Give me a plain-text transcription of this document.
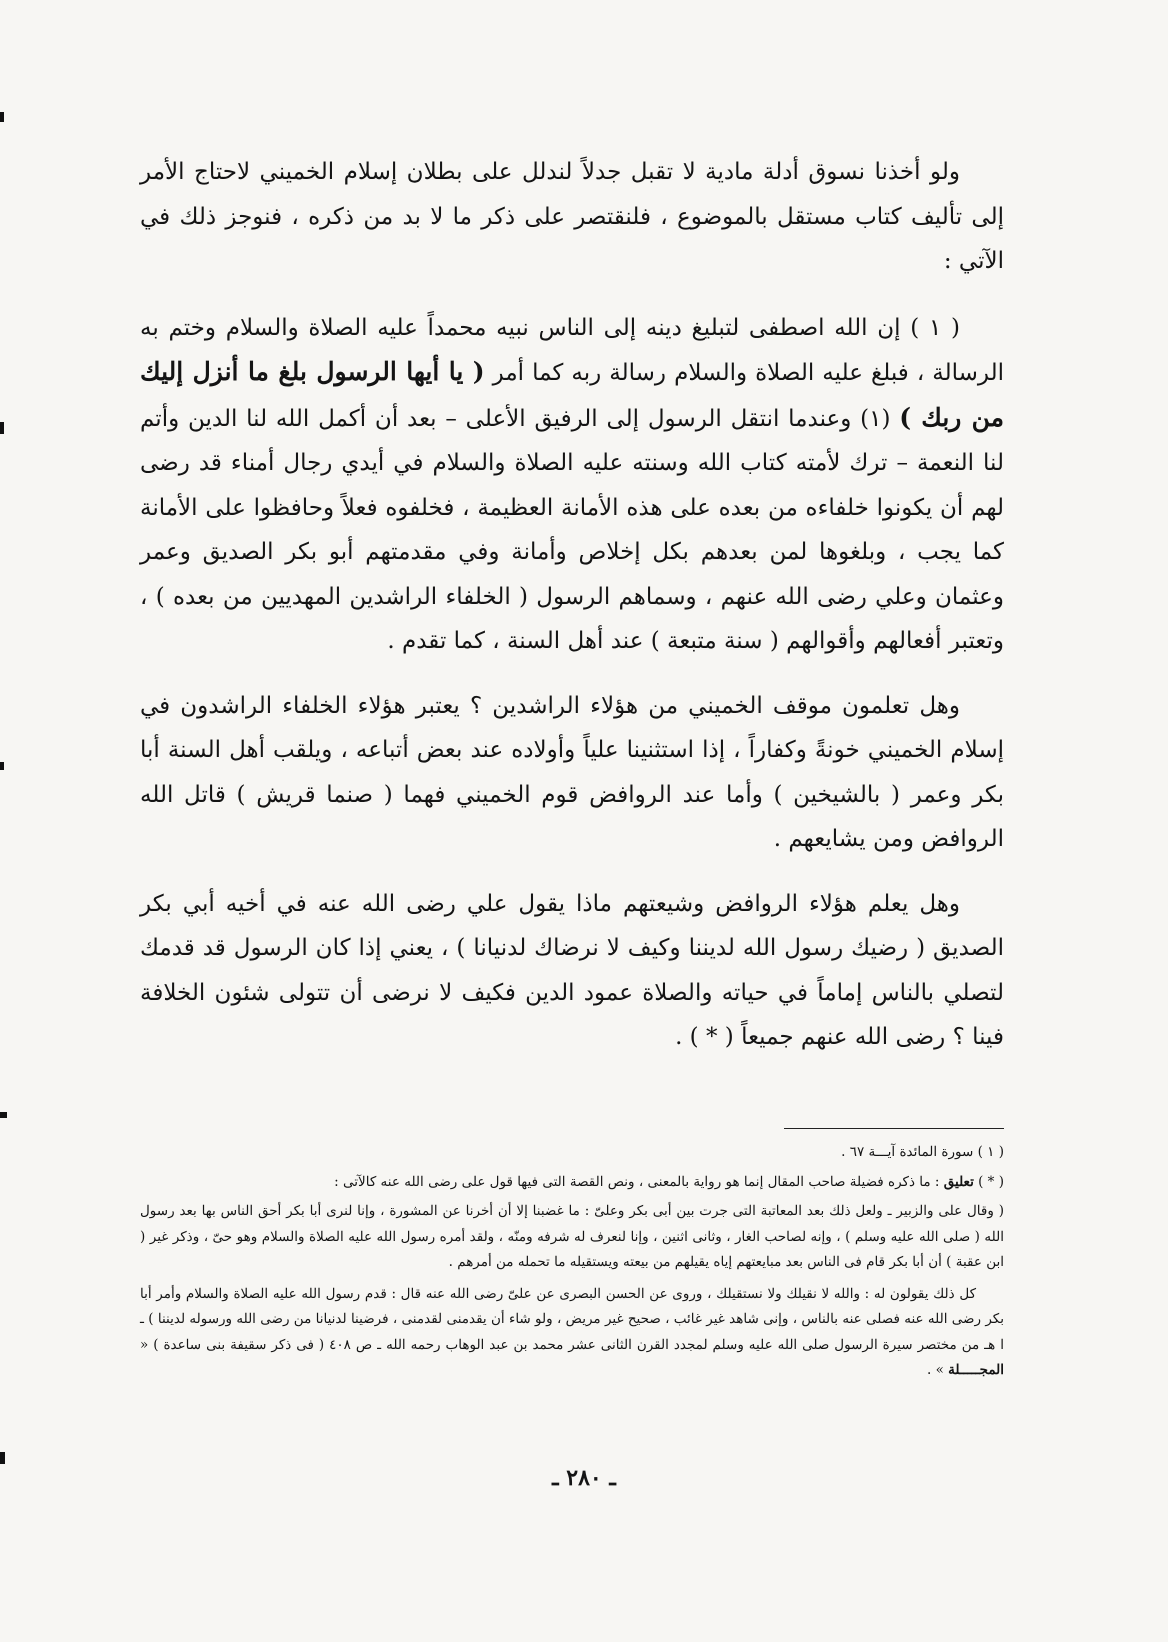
ولو أخذنا نسوق أدلة مادية لا تقبل جدلاً لندلل على بطلان إسلام الخميني لاحتاج الأمر إلى تأليف كتاب مستقل بالموضوع ، فلنقتصر على ذكر ما لا بد من ذكره ، فنوجز ذلك في الآتي :

( ١ ) إن الله اصطفى لتبليغ دينه إلى الناس نبيه محمداً عليه الصلاة والسلام وختم به الرسالة ، فبلغ عليه الصلاة والسلام رسالة ربه كما أمر ( يا أيها الرسول بلغ ما أنزل إليك من ربك ) (١) وعندما انتقل الرسول إلى الرفيق الأعلى – بعد أن أكمل الله لنا الدين وأتم لنا النعمة – ترك لأمته كتاب الله وسنته عليه الصلاة والسلام في أيدي رجال أمناء قد رضى لهم أن يكونوا خلفاءه من بعده على هذه الأمانة العظيمة ، فخلفوه فعلاً وحافظوا على الأمانة كما يجب ، وبلغوها لمن بعدهم بكل إخلاص وأمانة وفي مقدمتهم أبو بكر الصديق وعمر وعثمان وعلي رضى الله عنهم ، وسماهم الرسول ( الخلفاء الراشدين المهديين من بعده ) ، وتعتبر أفعالهم وأقوالهم ( سنة متبعة ) عند أهل السنة ، كما تقدم .

وهل تعلمون موقف الخميني من هؤلاء الراشدين ؟ يعتبر هؤلاء الخلفاء الراشدون في إسلام الخميني خونةً وكفاراً ، إذا استثنينا علياً وأولاده عند بعض أتباعه ، ويلقب أهل السنة أبا بكر وعمر ( بالشيخين ) وأما عند الروافض قوم الخميني فهما ( صنما قريش ) قاتل الله الروافض ومن يشايعهم .

وهل يعلم هؤلاء الروافض وشيعتهم ماذا يقول علي رضى الله عنه في أخيه أبي بكر الصديق ( رضيك رسول الله لديننا وكيف لا نرضاك لدنيانا ) ، يعني إذا كان الرسول قد قدمك لتصلي بالناس إماماً في حياته والصلاة عمود الدين فكيف لا نرضى أن تتولى شئون الخلافة فينا ؟ رضى الله عنهم جميعاً ( * ) .

( ١ ) سورة المائدة آيـــة ٦٧ .

( * ) تعليق : ما ذكره فضيلة صاحب المقال إنما هو رواية بالمعنى ، ونص القصة التى فيها قول على رضى الله عنه كالآتى :

( وقال على والزبير ـ ولعل ذلك بعد المعاتبة التى جرت بين أبى بكر وعلىّ : ما غضبنا إلا أن أخرنا عن المشورة ، وإنا لنرى أبا بكر أحق الناس بها بعد رسول الله ( صلى الله عليه وسلم ) ، وإنه لصاحب الغار ، وثانى اثنين ، وإنا لنعرف له شرفه ومنّه ، ولقد أمره رسول الله عليه الصلاة والسلام وهو حىّ ، وذكر غير ( ابن عقبة ) أن أبا بكر قام فى الناس بعد مبايعتهم إياه يقيلهم من بيعته ويستقيله ما تحمله من أمرهم .

كل ذلك يقولون له : والله لا نقيلك ولا نستقيلك ، وروى عن الحسن البصرى عن علىّ رضى الله عنه قال : قدم رسول الله عليه الصلاة والسلام وأمر أبا بكر رضى الله عنه فصلى عنه بالناس ، وإنى شاهد غير غائب ، صحيح غير مريض ، ولو شاء أن يقدمنى لقدمنى ، فرضينا لدنيانا من رضى الله ورسوله لديننا ) ـ ا هـ من مختصر سيرة الرسول صلى الله عليه وسلم لمجدد القرن الثانى عشر محمد بن عبد الوهاب رحمه الله ـ ص ٤٠٨ ( فى ذكر سقيفة بنى ساعدة ) « المجـــــلة » .

ـ ٢٨٠ ـ
